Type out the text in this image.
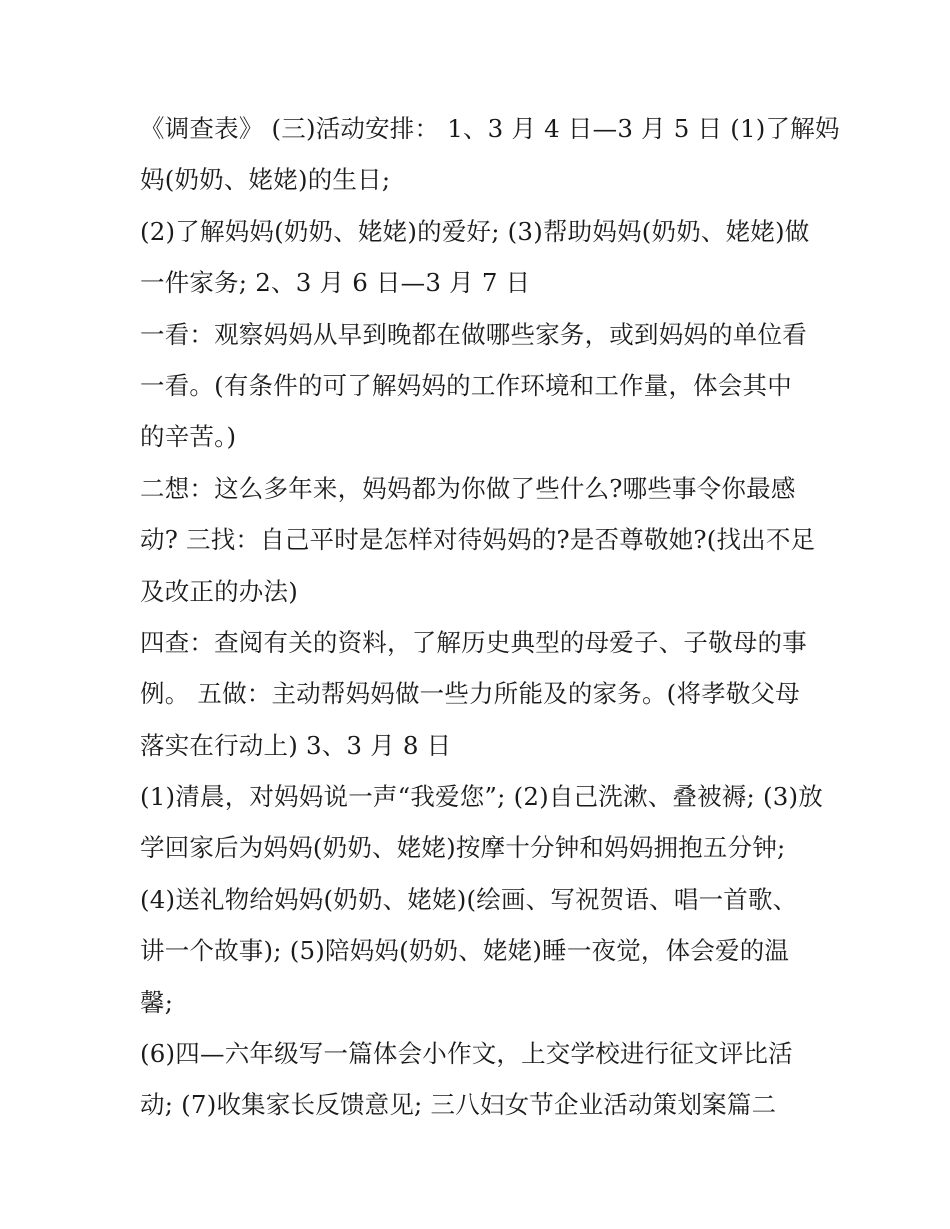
《调查表》 (三)活动安排： 1、3 月 4 日—3 月 5 日 (1)了解妈
妈(奶奶、姥姥)的生日;
(2)了解妈妈(奶奶、姥姥)的爱好; (3)帮助妈妈(奶奶、姥姥)做
一件家务; 2、3 月 6 日—3 月 7 日
一看：观察妈妈从早到晚都在做哪些家务，或到妈妈的单位看
一看。(有条件的可了解妈妈的工作环境和工作量，体会其中
的辛苦。)
二想：这么多年来，妈妈都为你做了些什么?哪些事令你最感
动? 三找：自己平时是怎样对待妈妈的?是否尊敬她?(找出不足
及改正的办法)
四查：查阅有关的资料，了解历史典型的母爱子、子敬母的事
例。 五做：主动帮妈妈做一些力所能及的家务。(将孝敬父母
落实在行动上) 3、3 月 8 日
(1)清晨，对妈妈说一声“我爱您”; (2)自己洗漱、叠被褥; (3)放
学回家后为妈妈(奶奶、姥姥)按摩十分钟和妈妈拥抱五分钟;
(4)送礼物给妈妈(奶奶、姥姥)(绘画、写祝贺语、唱一首歌、
讲一个故事); (5)陪妈妈(奶奶、姥姥)睡一夜觉，体会爱的温
馨;
(6)四—六年级写一篇体会小作文，上交学校进行征文评比活
动; (7)收集家长反馈意见; 三八妇女节企业活动策划案篇二
